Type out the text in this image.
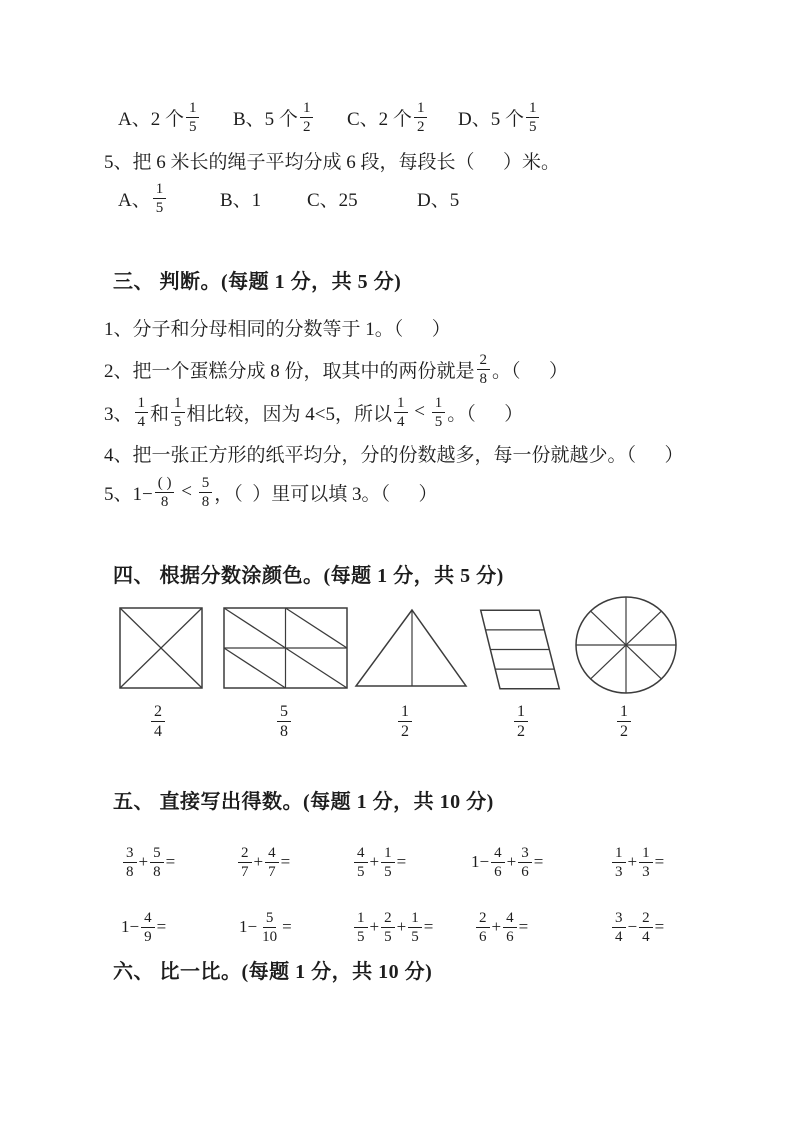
A、2 个 $\frac{1}{5}$ B、5 个 $\frac{1}{2}$ C、2 个 $\frac{1}{2}$ D、5 个 $\frac{1}{5}$
5、把 6 米长的绳子平均分成 6 段，每段长（      ）米。
A、 $\frac{1}{5}$	B、1 C、25	D、5
三、 判断。(每题 1 分，共 5 分)
1、分子和分母相同的分数等于 1。（      ）
2、把一个蛋糕分成 8 份，取其中的两份就是 $\frac{2}{8}$ 。（      ）
3、 $\frac{1}{4}$ 和 $\frac{1}{5}$ 相比较，因为 4<5，所以 $\frac{1}{4} < \frac{1}{5}$ 。（      ）
4、把一张正方形的纸平均分，分的份数越多，每一份就越少。（      ）
5、$1- \frac{( )}{8} < \frac{5}{8}$ ，（  ）里可以填 3。（      ）
四、 根据分数涂颜色。(每题 1 分，共 5 分)
$\frac{2}{4}$	$\frac{5}{8}$	$\frac{1}{2}$	$\frac{1}{2}$	$\frac{1}{2}$
五、 直接写出得数。(每题 1 分，共 10 分)
$\frac{3}{8} + \frac{5}{8}$ =	$\frac{2}{7} + \frac{4}{7}$ =	$\frac{4}{5} + \frac{1}{5}$ =	$1- \frac{4}{6} + \frac{3}{6}$ =	$\frac{1}{3} + \frac{1}{3}$ =
$1- \frac{4}{9}$ =	$1- \frac{5}{10}$ =	$\frac{1}{5} + \frac{2}{5} + \frac{1}{5}$ =	$\frac{2}{6} + \frac{4}{6}$ =	$\frac{3}{4} - \frac{2}{4}$ =
六、 比一比。(每题 1 分，共 10 分)
